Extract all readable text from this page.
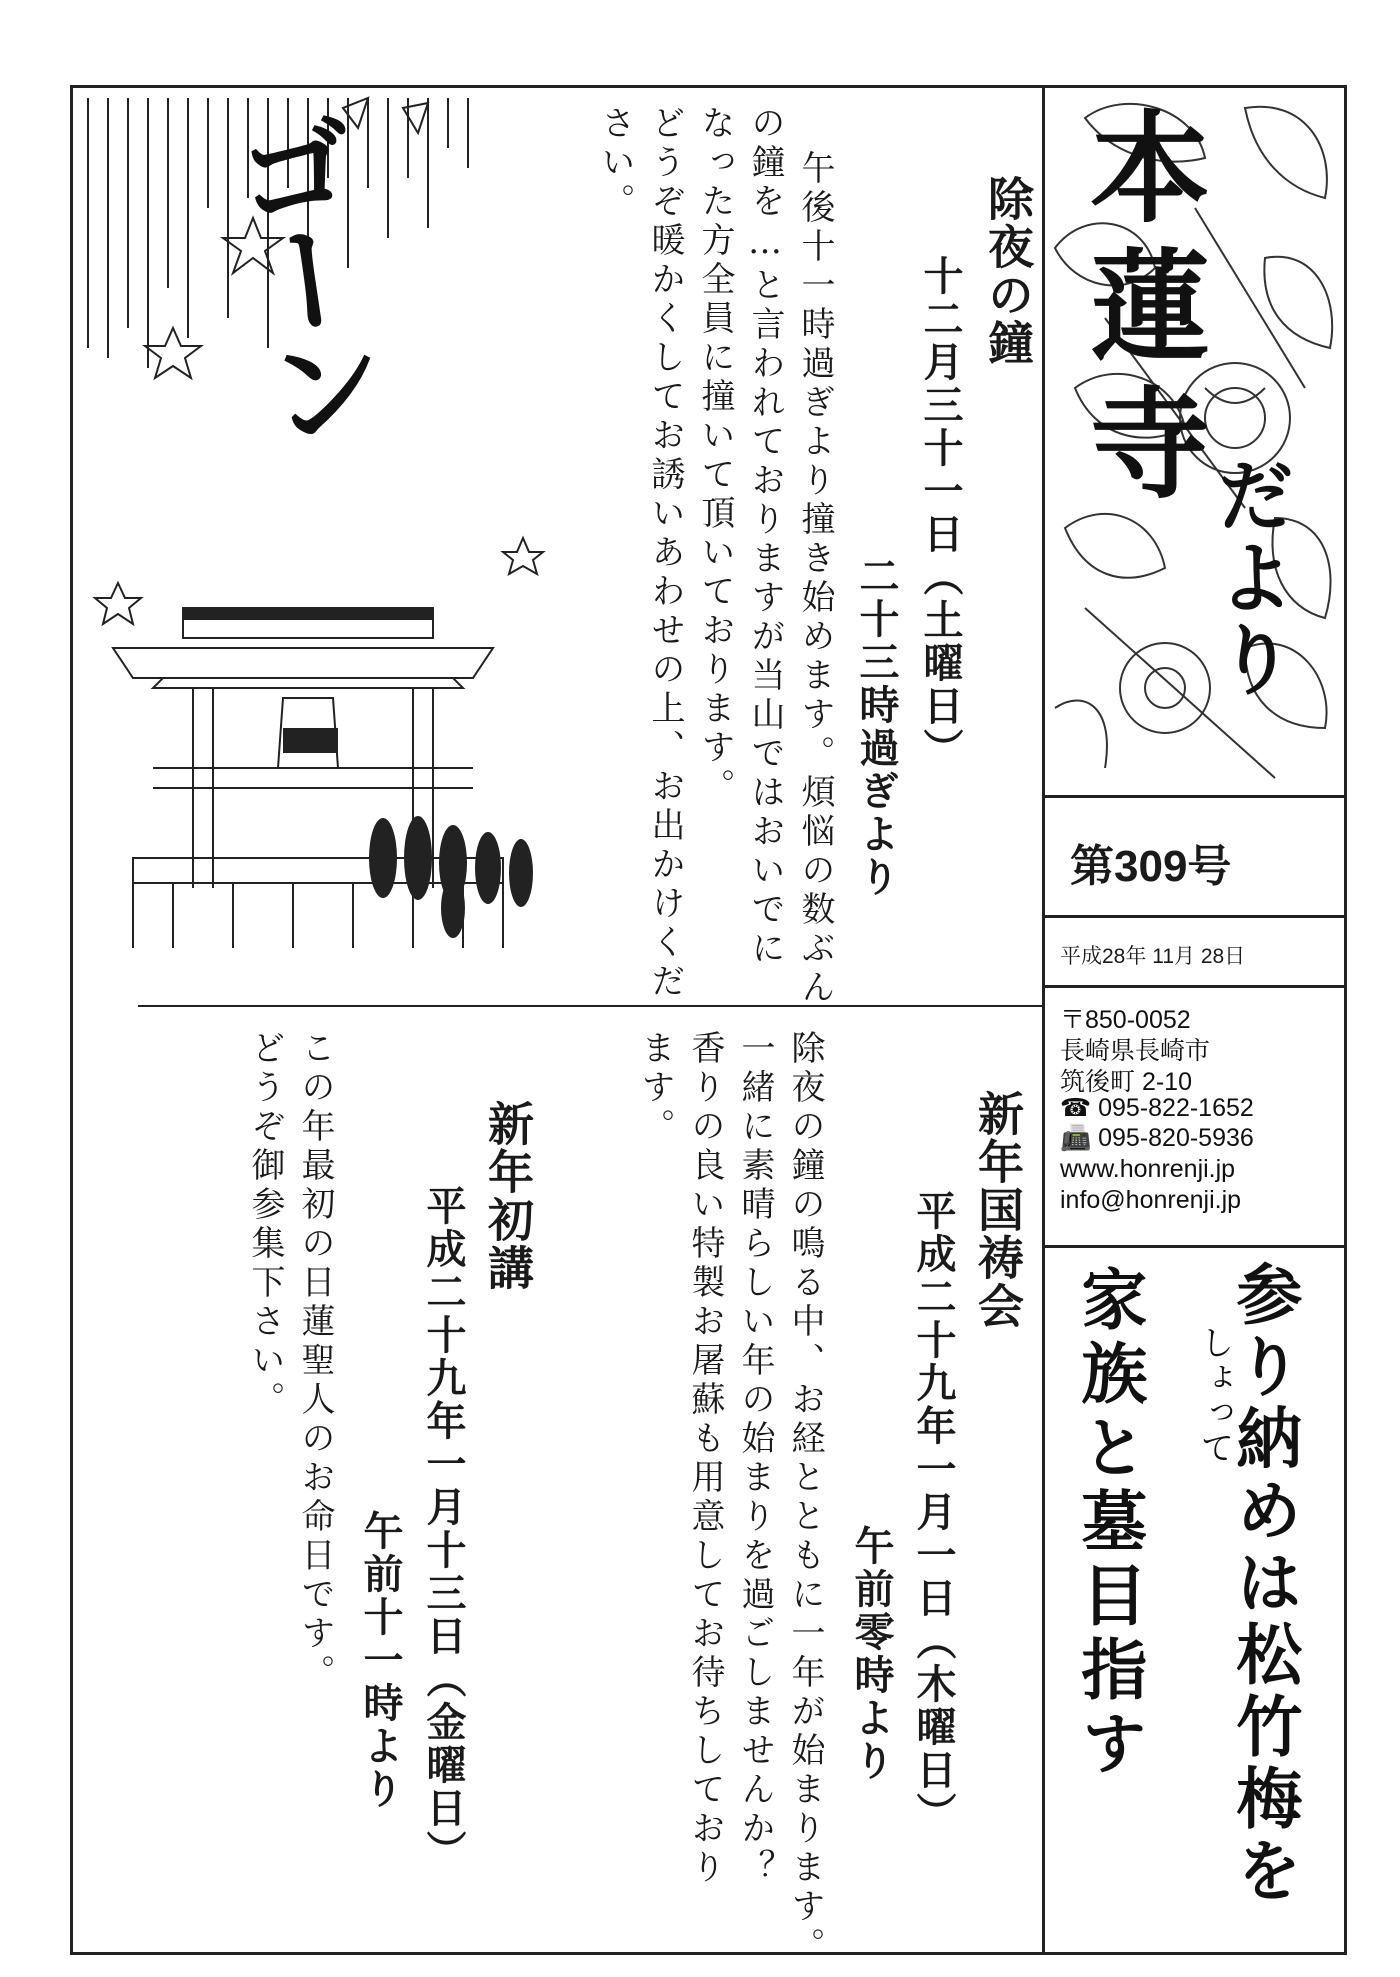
本蓮寺
だより
第309号
平成28年 11月 28日
〒850-0052
長崎県長崎市
筑後町 2-10
☎ 095-822-1652
📠 095-820-5936
www.honrenji.jp
info@honrenji.jp
参り納めは松竹梅を
しょって
家族と墓目指す
ゴーン	除夜の鐘
十二月三十一日（土曜日）
二十三時過ぎより
午後十一時過ぎより撞き始めます。煩悩の数ぶん
の鐘を…と言われておりますが当山ではおいでに
なった方全員に撞いて頂いております。
どうぞ暖かくしてお誘いあわせの上、お出かけくだ
さい。
新年国祷会
平成二十九年一月一日（木曜日）
午前零時より
除夜の鐘の鳴る中、お経とともに一年が始まります。
一緒に素晴らしい年の始まりを過ごしませんか？
香りの良い特製お屠蘇も用意してお待ちしており
ます。
新年初講
平成二十九年一月十三日（金曜日）
午前十一時より
この年最初の日蓮聖人のお命日です。
どうぞ御参集下さい。
